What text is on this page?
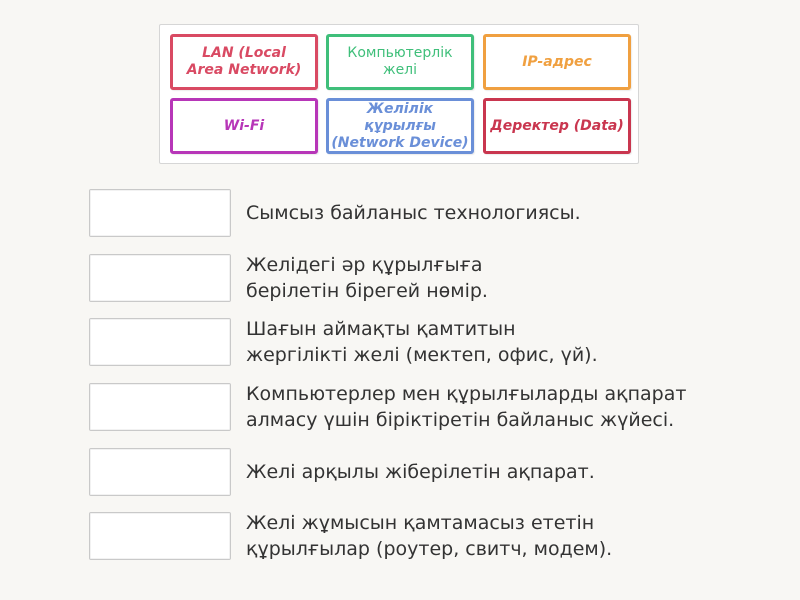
LAN (Local
Area Network)
Компьютерлік
желі
IP-адрес
Wi-Fi
Желілік құрылғы
(Network Device)
Деректер (Data)
Сымсыз байланыс технологиясы.
Желідегі әр құрылғыға
берілетін бірегей нөмір.
Шағын аймақты қамтитын
жергілікті желі (мектеп, офис, үй).
Компьютерлер мен құрылғыларды ақпарат
алмасу үшін біріктіретін байланыс жүйесі.
Желі арқылы жіберілетін ақпарат.
Желі жұмысын қамтамасыз ететін
құрылғылар (роутер, свитч, модем).
